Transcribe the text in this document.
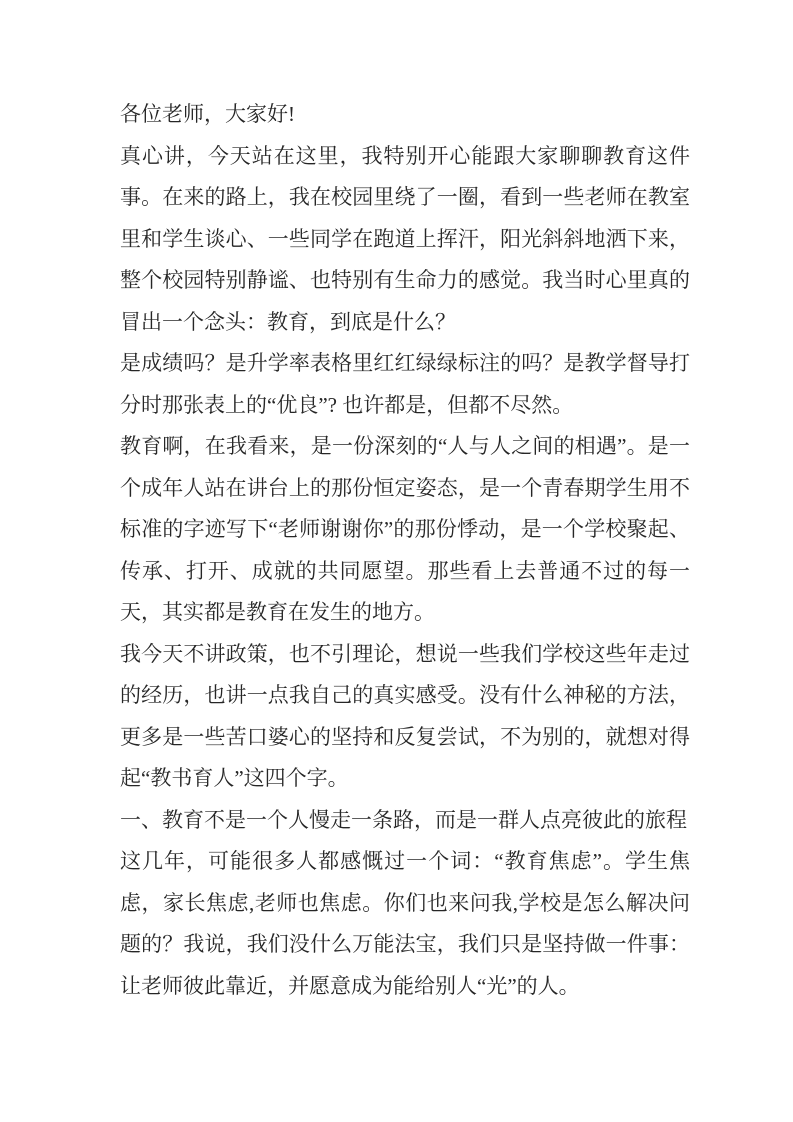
各位老师，大家好!

真心讲，今天站在这里，我特别开心能跟大家聊聊教育这件事。在来的路上，我在校园里绕了一圈，看到一些老师在教室里和学生谈心、一些同学在跑道上挥汗，阳光斜斜地洒下来，整个校园特别静谧、也特别有生命力的感觉。我当时心里真的冒出一个念头：教育，到底是什么？

是成绩吗？是升学率表格里红红绿绿标注的吗？是教学督导打分时那张表上的“优良”? 也许都是，但都不尽然。

教育啊，在我看来，是一份深刻的“人与人之间的相遇”。是一个成年人站在讲台上的那份恒定姿态，是一个青春期学生用不标准的字迹写下“老师谢谢你”的那份悸动，是一个学校聚起、传承、打开、成就的共同愿望。那些看上去普通不过的每一天，其实都是教育在发生的地方。

我今天不讲政策，也不引理论，想说一些我们学校这些年走过的经历，也讲一点我自己的真实感受。没有什么神秘的方法，更多是一些苦口婆心的坚持和反复尝试，不为别的，就想对得起“教书育人”这四个字。

一、教育不是一个人慢走一条路，而是一群人点亮彼此的旅程

这几年，可能很多人都感慨过一个词：“教育焦虑”。学生焦虑，家长焦虑,老师也焦虑。你们也来问我,学校是怎么解决问题的？我说，我们没什么万能法宝，我们只是坚持做一件事：让老师彼此靠近，并愿意成为能给别人“光”的人。
